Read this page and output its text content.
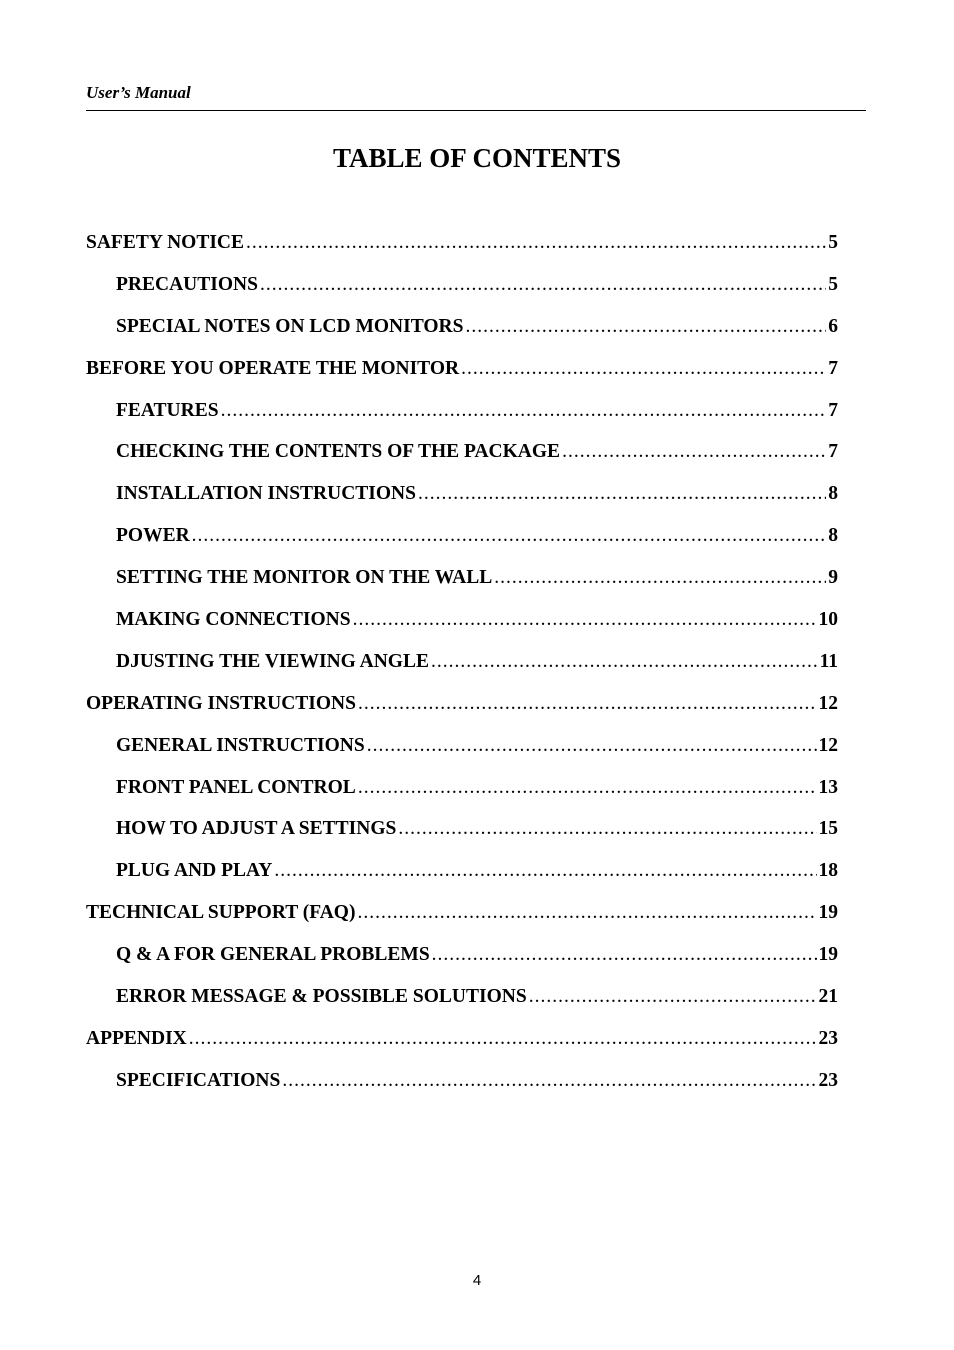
User’s Manual
TABLE OF CONTENTS
SAFETY NOTICE .....	5
PRECAUTIONS .....	5
SPECIAL NOTES ON LCD MONITORS .....	6
BEFORE YOU OPERATE THE MONITOR .....	7
FEATURES .....	7
CHECKING THE CONTENTS OF THE PACKAGE .....	7
INSTALLATION INSTRUCTIONS .....	8
POWER .....	8
SETTING THE MONITOR ON THE WALL .....	9
MAKING CONNECTIONS .....	10
DJUSTING THE VIEWING ANGLE .....	11
OPERATING INSTRUCTIONS .....	12
GENERAL INSTRUCTIONS .....	12
FRONT PANEL CONTROL .....	13
HOW TO ADJUST A SETTINGS .....	15
PLUG AND PLAY .....	18
TECHNICAL SUPPORT (FAQ) .....	19
Q & A FOR GENERAL PROBLEMS .....	19
ERROR MESSAGE & POSSIBLE SOLUTIONS .....	21
APPENDIX .....	23
SPECIFICATIONS .....	23
4
